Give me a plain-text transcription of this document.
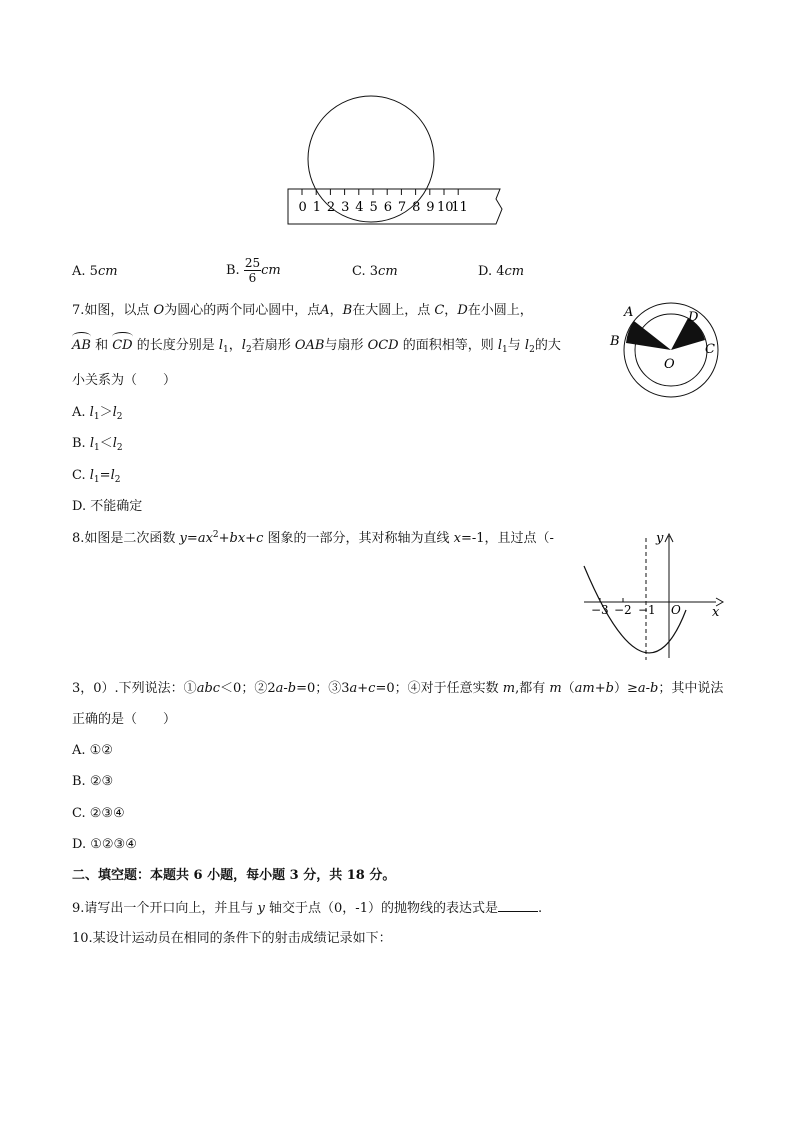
0 1 2 3 4 5 6 7 8 9 10
11
A. 5cm	B. $\frac{25}{6}$ cm	C. 3cm	D. 4cm
7.如图，以点 O为圆心的两个同心圆中，点A，B在大圆上，点 C，D在小圆上，
AB 和 CD 的长度分别是 $l_1$，$l_2$若扇形 OAB与扇形 OCD 的面积相等，则 $l_1$与 $l_2$的大
小关系为（　　）
A. $l_1>l_2$
B. $l_1<l_2$
C. $l_1=l_2$
D. 不能确定
A
B
D
C
O
8.如图是二次函数 $y=ax^2+bx+c$ 图象的一部分，其对称轴为直线 x=-1，且过点（-	y
x
O
−3 −2 −1
3，0）.下列说法：①abc＜0；②2a-b=0；③3a+c=0；④对于任意实数 m,都有 m（am+b）≥a-b；其中说法
正确的是（　　）
A. ①②
B. ②③
C. ②③④
D. ①②③④
二、填空题：本题共 6 小题，每小题 3 分，共 18 分。
9.请写出一个开口向上，并且与 y 轴交于点（0，-1）的抛物线的表达式是	.
10.某设计运动员在相同的条件下的射击成绩记录如下：
